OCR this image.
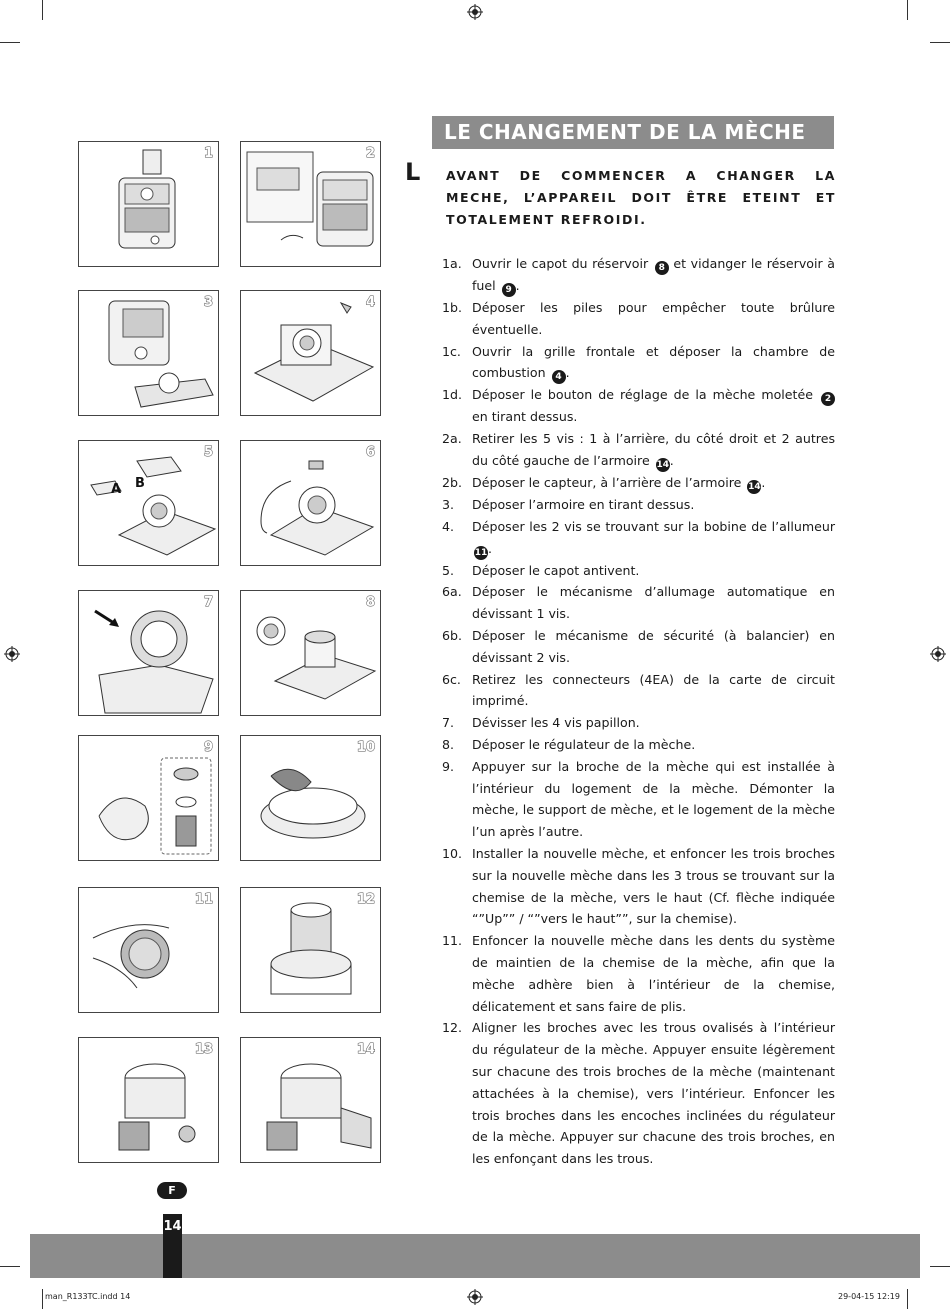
1	2
3	4
A B
5	6
7	8
9	10
11	12
13	14
LE CHANGEMENT DE LA MÈCHE
L AVANT DE COMMENCER A CHANGER LA MECHE, L’APPAREIL DOIT ÊTRE ETEINT ET TOTALEMENT REFROIDI.
1a. Ouvrir le capot du réservoir 8 et vidanger le réservoir à fuel 9 .
1b. Déposer les piles pour empêcher toute brûlure éventuelle.
1c. Ouvrir la grille frontale et déposer la chambre de combustion 4 .
1d. Déposer le bouton de réglage de la mèche moletée 2 en tirant dessus.
2a. Retirer les 5 vis : 1 à l’arrière, du côté droit et 2 autres du côté gauche de l’armoire 14.
2b. Déposer le capteur, à l’arrière de l’armoire 14.
3.	Déposer l’armoire en tirant dessus.
4.	Déposer les 2 vis se trouvant sur la bobine de l’allumeur 11.
5.	Déposer le capot antivent.
6a. Déposer le mécanisme d’allumage automatique en dévissant 1 vis.
6b. Déposer le mécanisme de sécurité (à balancier) en dévissant 2 vis.
6c. Retirez les connecteurs (4EA) de la carte de circuit imprimé.
7.	Dévisser les 4 vis papillon.
8.	Déposer le régulateur de la mèche.
9.	Appuyer sur la broche de la mèche qui est installée à l’intérieur du logement de la mèche. Démonter la mèche, le support de mèche, et le logement de la mèche l’un après l’autre.
10. Installer la nouvelle mèche, et enfoncer les trois broches sur la nouvelle mèche dans les 3 trous se trouvant sur la chemise de la mèche, vers le haut (Cf. flèche indiquée “”Up”” / “”vers le haut””, sur la chemise).
11. Enfoncer la nouvelle mèche dans les dents du système de maintien de la chemise de la mèche, afin que la mèche adhère bien à l’intérieur de la chemise, délicatement et sans faire de plis.
12. Aligner les broches avec les trous ovalisés à l’intérieur du régulateur de la mèche. Appuyer ensuite légèrement sur chacune des trois broches de la mèche (maintenant attachées à la chemise), vers l’intérieur. Enfoncer les trois broches dans les encoches inclinées du régulateur de la mèche. Appuyer sur chacune des trois broches, en les enfonçant dans les trous.
F
14
man_R133TC.indd 14	29-04-15 12:19
